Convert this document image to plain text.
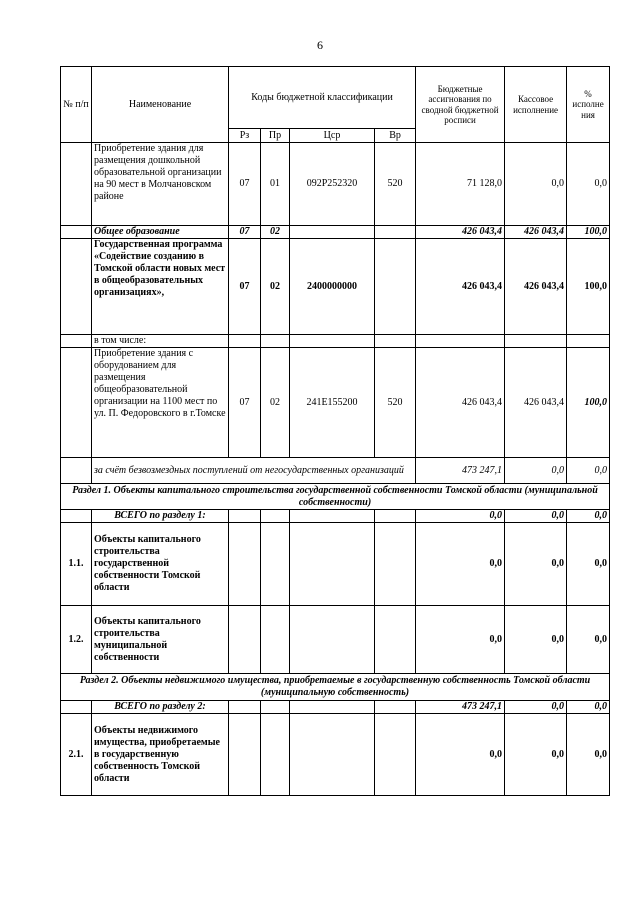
6
№ п/п	Наименование	Коды бюджетной классификации				Бюджетные ассигнования по сводной бюджетной росписи	Кассовое исполнение	% исполне ния
		Рз	Пр	Цср	Вр			
	Приобретение здания для размещения дошкольной образовательной организации на 90 мест в Молчановском районе	07	01	092P252320	520	71 128,0	0,0	0,0
	Общее образование	07	02			426 043,4	426 043,4	100,0
	Государственная программа «Содействие созданию в Томской области новых мест в общеобразовательных организациях»,	07	02	2400000000		426 043,4	426 043,4	100,0
	в том числе:							
	Приобретение здания с оборудованием для размещения общеобразовательной организации на 1100 мест по ул. П. Федоровского в г.Томске	07	02	241E155200	520	426 043,4	426 043,4	100,0
	за счёт безвозмездных поступлений от негосударственных организаций					473 247,1	0,0	0,0
Раздел 1. Объекты капитального строительства государственной собственности Томской области (муниципальной собственности)								
	ВСЕГО по разделу 1:					0,0	0,0	0,0
1.1.	Объекты капитального строительства государственной собственности Томской области					0,0	0,0	0,0
1.2.	Объекты капитального строительства муниципальной собственности					0,0	0,0	0,0
Раздел 2. Объекты недвижимого имущества, приобретаемые в государственную собственность Томской области (муниципальную собственность)								
	ВСЕГО по разделу 2:					473 247,1	0,0	0,0
2.1.	Объекты недвижимого имущества, приобретаемые в государственную собственность Томской области					0,0	0,0	0,0
